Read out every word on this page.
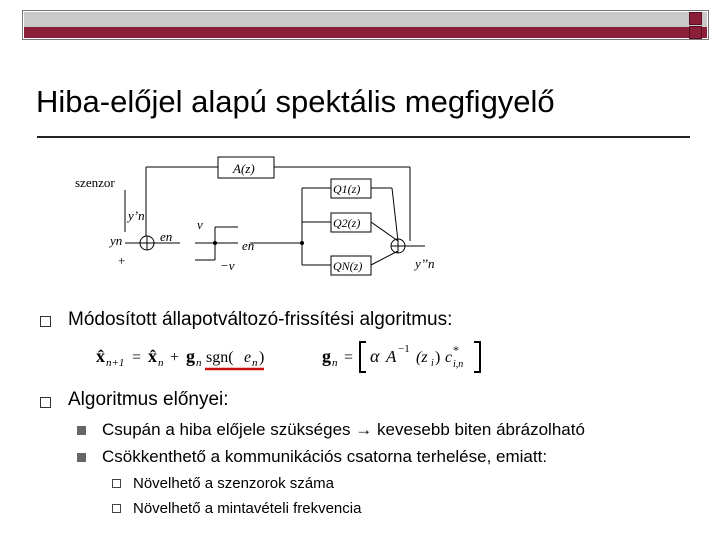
Hiba-előjel alapú spektális megfigyelő
A(z)
szenzor
y’n
yn
+
en
v
−v
en
Q1(z)
Q2(z)
QN(z)	y’’n
Módosított állapotváltozó-frissítési algoritmus:
x̂ n+1 = x̂ n + g n sgn( e n )	g n = α A −1 (z i ) c *
i,n
Algoritmus előnyei:
Csupán a hiba előjele szükséges → kevesebb biten ábrázolható
Csökkenthető a kommunikációs csatorna terhelése, emiatt:
Növelhető a szenzorok száma
Növelhető a mintavételi frekvencia
